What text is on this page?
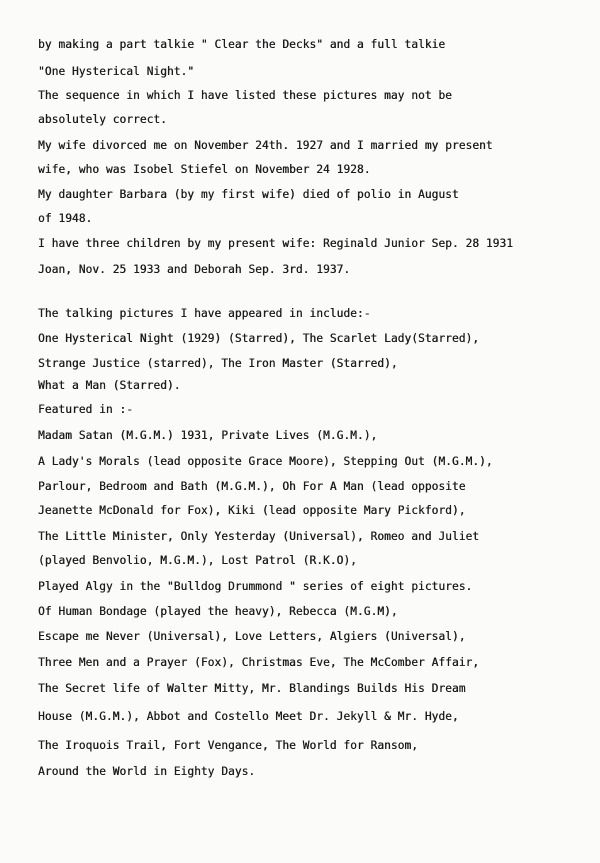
by making a part talkie " Clear the Decks" and a full talkie
"One Hysterical Night."
The sequence in which I have listed these pictures may not be
absolutely correct.
My wife divorced me on November 24th. 1927 and I married my present
wife, who was Isobel Stiefel on November 24 1928.
My daughter Barbara (by my first wife) died of polio in August
of 1948.
I have three children by my present wife: Reginald Junior Sep. 28 1931
Joan, Nov. 25 1933 and Deborah Sep. 3rd. 1937.
The talking pictures I have appeared in include:-
One Hysterical Night (1929) (Starred), The Scarlet Lady(Starred),
Strange Justice (starred), The Iron Master (Starred),
What a Man (Starred).
Featured in :-
Madam Satan (M.G.M.) 1931, Private Lives (M.G.M.),
A Lady's Morals (lead opposite Grace Moore), Stepping Out (M.G.M.),
Parlour, Bedroom and Bath (M.G.M.), Oh For A Man (lead opposite
Jeanette McDonald for Fox), Kiki (lead opposite Mary Pickford),
The Little Minister, Only Yesterday (Universal), Romeo and Juliet
(played Benvolio, M.G.M.), Lost Patrol (R.K.O),
Played Algy in the "Bulldog Drummond " series of eight pictures.
Of Human Bondage (played the heavy), Rebecca (M.G.M),
Escape me Never (Universal), Love Letters, Algiers (Universal),
Three Men and a Prayer (Fox), Christmas Eve, The McComber Affair,
The Secret life of Walter Mitty, Mr. Blandings Builds His Dream
House (M.G.M.), Abbot and Costello Meet Dr. Jekyll & Mr. Hyde,
The Iroquois Trail, Fort Vengance, The World for Ransom,
Around the World in Eighty Days.
